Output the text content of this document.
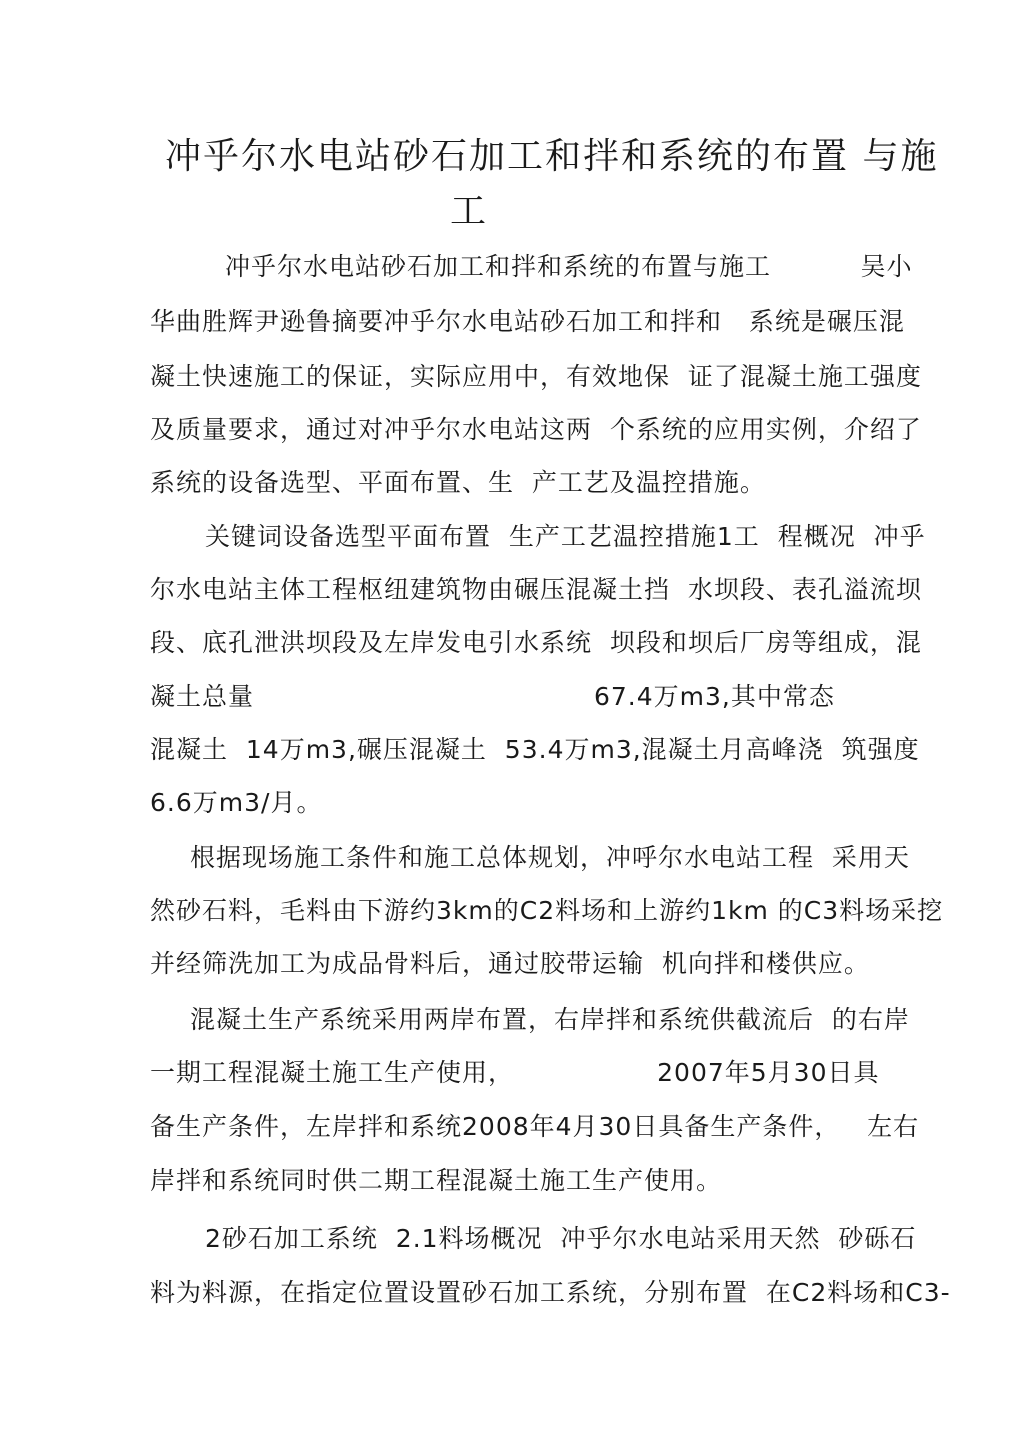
冲乎尔水电站砂石加工和拌和系统的布置 与施
工
冲乎尔水电站砂石加工和拌和系统的布置与施工          吴小
华曲胜辉尹逊鲁摘要冲乎尔水电站砂石加工和拌和   系统是碾压混
凝土快速施工的保证，实际应用中，有效地保  证了混凝土施工强度
及质量要求，通过对冲乎尔水电站这两  个系统的应用实例，介绍了
系统的设备选型、平面布置、生  产工艺及温控措施。
关键词设备选型平面布置  生产工艺温控措施1工  程概况  冲乎
尔水电站主体工程枢纽建筑物由碾压混凝土挡  水坝段、表孔溢流坝
段、底孔泄洪坝段及左岸发电引水系统  坝段和坝后厂房等组成，混
凝土总量                                      67.4万m3,其中常态
混凝土  14万m3,碾压混凝土  53.4万m3,混凝土月高峰浇  筑强度
6.6万m3/月。
根据现场施工条件和施工总体规划，冲呼尔水电站工程  采用天
然砂石料，毛料由下游约3km的C2料场和上游约1km 的C3料场采挖
并经筛洗加工为成品骨料后，通过胶带运输  机向拌和楼供应。
混凝土生产系统采用两岸布置，右岸拌和系统供截流后  的右岸
一期工程混凝土施工生产使用，                2007年5月30日具
备生产条件，左岸拌和系统2008年4月30日具备生产条件，   左右
岸拌和系统同时供二期工程混凝土施工生产使用。
2砂石加工系统  2.1料场概况  冲乎尔水电站采用天然  砂砾石
料为料源，在指定位置设置砂石加工系统，分别布置  在C2料场和C3-
